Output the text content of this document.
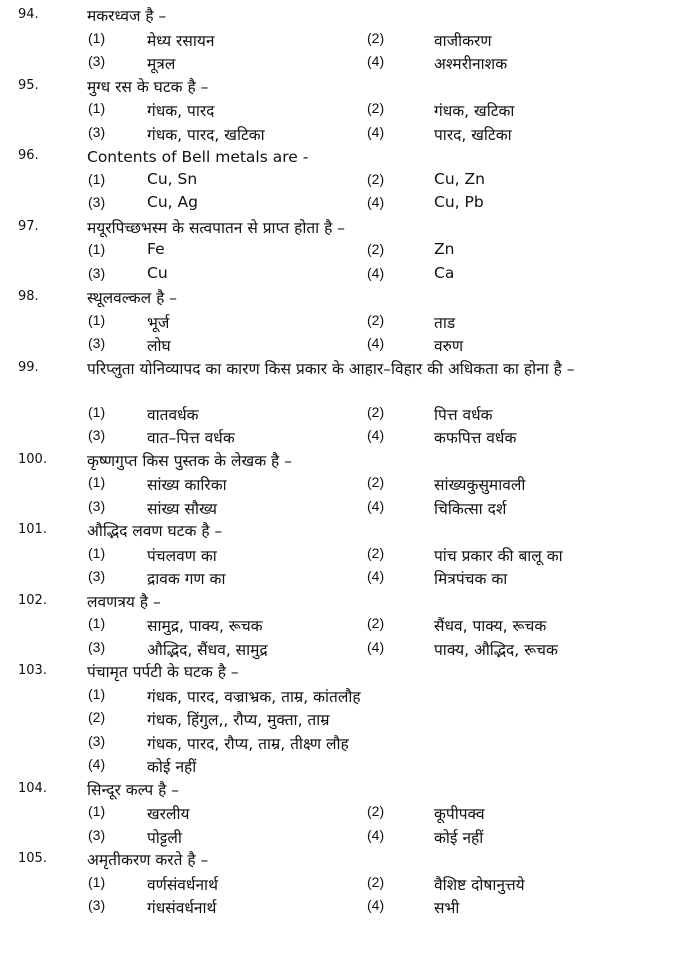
94.	मकरध्वज है –
(1)	मेध्य रसायन	(2)	वाजीकरण
(3)	मूत्रल	(4)	अश्मरीनाशक
95.	मुग्ध रस के घटक है –
(1)	गंधक, पारद	(2)	गंधक, खटिका
(3)	गंधक, पारद, खटिका	(4)	पारद, खटिका
96.	Contents of Bell metals are -
(1)	Cu, Sn	(2)	Cu, Zn
(3)	Cu, Ag	(4)	Cu, Pb
97.	मयूरपिच्छभस्म के सत्वपातन से प्राप्त होता है –
(1)	Fe	(2)	Zn
(3)	Cu	(4)	Ca
98.	स्थूलवल्कल है –
(1)	भूर्ज	(2)	ताड
(3)	लोघ	(4)	वरुण
99.	परिप्लुता योनिव्यापद का कारण किस प्रकार के आहार–विहार की अधिकता का होना है –
(1)	वातवर्धक	(2)	पित्त वर्धक
(3)	वात–पित्त वर्धक	(4)	कफपित्त वर्धक
100.	कृष्णगुप्त किस पुस्तक के लेखक है –
(1)	सांख्य कारिका	(2)	सांख्यकुसुमावली
(3)	सांख्य सौख्य	(4)	चिकित्सा दर्श
101.	औद्भिद लवण घटक है –
(1)	पंचलवण का	(2)	पांच प्रकार की बालू का
(3)	द्रावक गण का	(4)	मित्रपंचक का
102.	लवणत्रय है –
(1)	सामुद्र, पाक्य, रूचक	(2)	सैंधव, पाक्य, रूचक
(3)	औद्भिद, सैंधव, सामुद्र	(4)	पाक्य, औद्भिद, रूचक
103.	पंचामृत पर्पटी के घटक है –
(1)	गंधक, पारद, वज्राभ्रक, ताम्र, कांतलौह
(2)	गंधक, हिंगुल,, रौप्य, मुक्ता, ताम्र
(3)	गंधक, पारद, रौप्य, ताम्र, तीक्ष्ण लौह
(4)	कोई नहीं
104.	सिन्दूर कल्प है –
(1)	खरलीय	(2)	कूपीपक्व
(3)	पोट्टली	(4)	कोई नहीं
105.	अमृतीकरण करते है –
(1)	वर्णसंवर्धनार्थ	(2)	वैशिष्ट दोषानुत्तये
(3)	गंधसंवर्धनार्थ	(4)	सभी
